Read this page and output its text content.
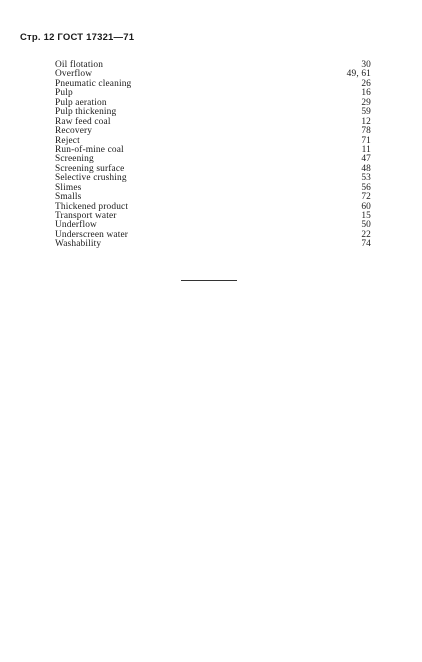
Стр. 12 ГОСТ 17321—71
Oil flotation	30
Overflow	49, 61
Pneumatic cleaning	26
Pulp	16
Pulp aeration	29
Pulp thickening	59
Raw feed coal	12
Recovery	78
Reject	71
Run-of-mine coal	11
Screening	47
Screening surface	48
Selective crushing	53
Slimes	56
Smalls	72
Thickened product	60
Transport water	15
Underflow	50
Underscreen water	22
Washability	74
